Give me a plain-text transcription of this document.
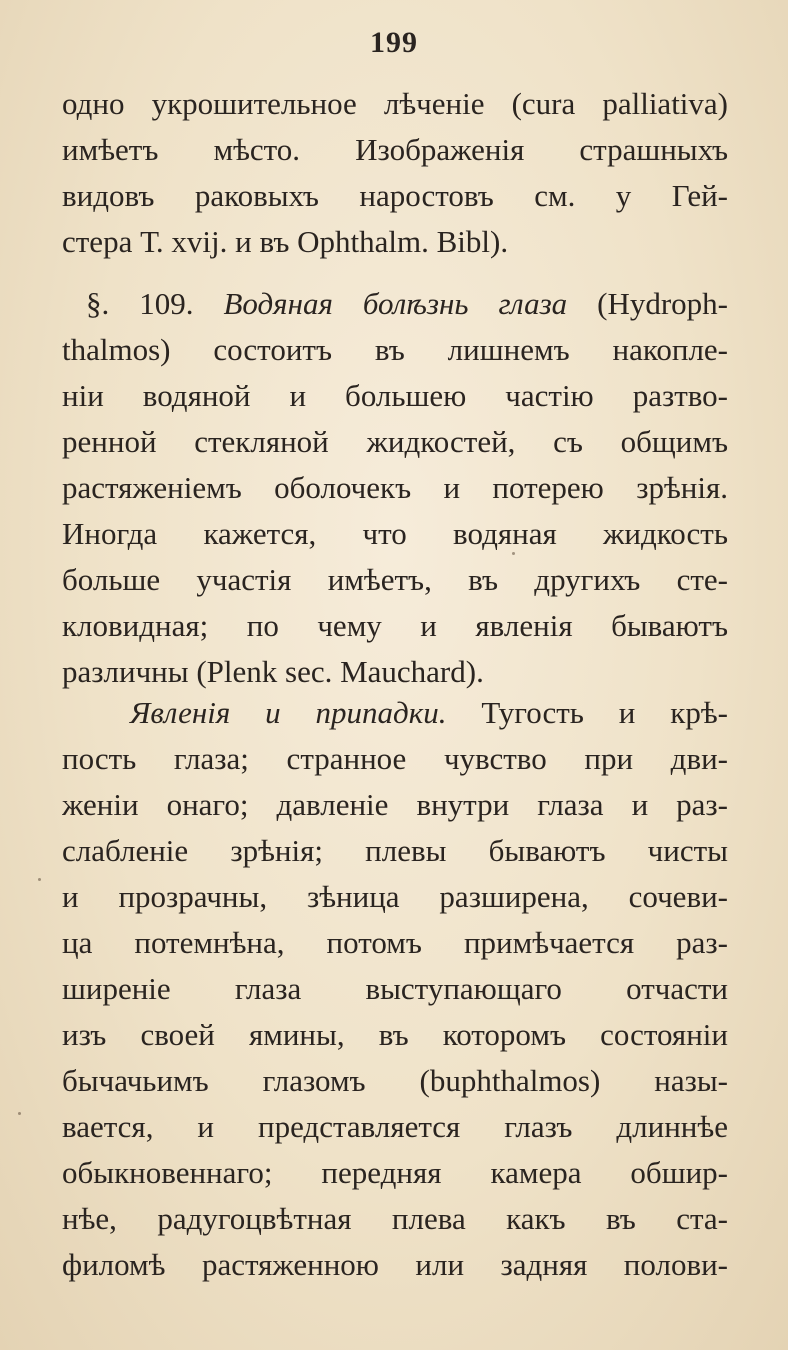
199
одно укрошительное лѣченіе (cura palliativa)
имѣетъ мѣсто. Изображенія страшныхъ
видовъ раковыхъ наростовъ см. у Гей-
стера Т. xvij. и въ Ophthalm. Bibl).
§. 109. Водяная болѣзнь глаза (Hydroph-
thalmos) состоитъ въ лишнемъ накопле-
ніи водяной и большею частію разтво-
ренной стекляной жидкостей, съ общимъ
растяженіемъ оболочекъ и потерею зрѣнія.
Иногда кажется, что водяная жидкость
больше участія имѣетъ, въ другихъ сте-
кловидная; по чему и явленія бываютъ
различны (Plenk sec. Mauchard).
Явленія и припадки. Тугость и крѣ-
пость глаза; странное чувство при дви-
женіи онаго; давленіе внутри глаза и раз-
слабленіе зрѣнія; плевы бываютъ чисты
и прозрачны, зѣница разширена, сочеви-
ца потемнѣна, потомъ примѣчается раз-
ширеніе глаза выступающаго отчасти
изъ своей ямины, въ которомъ состояніи
бычачьимъ глазомъ (buphthalmos) назы-
вается, и представляется глазъ длиннѣе
обыкновеннаго; передняя камера обшир-
нѣе, радугоцвѣтная плева какъ въ ста-
филомѣ растяженною или задняя полови-
